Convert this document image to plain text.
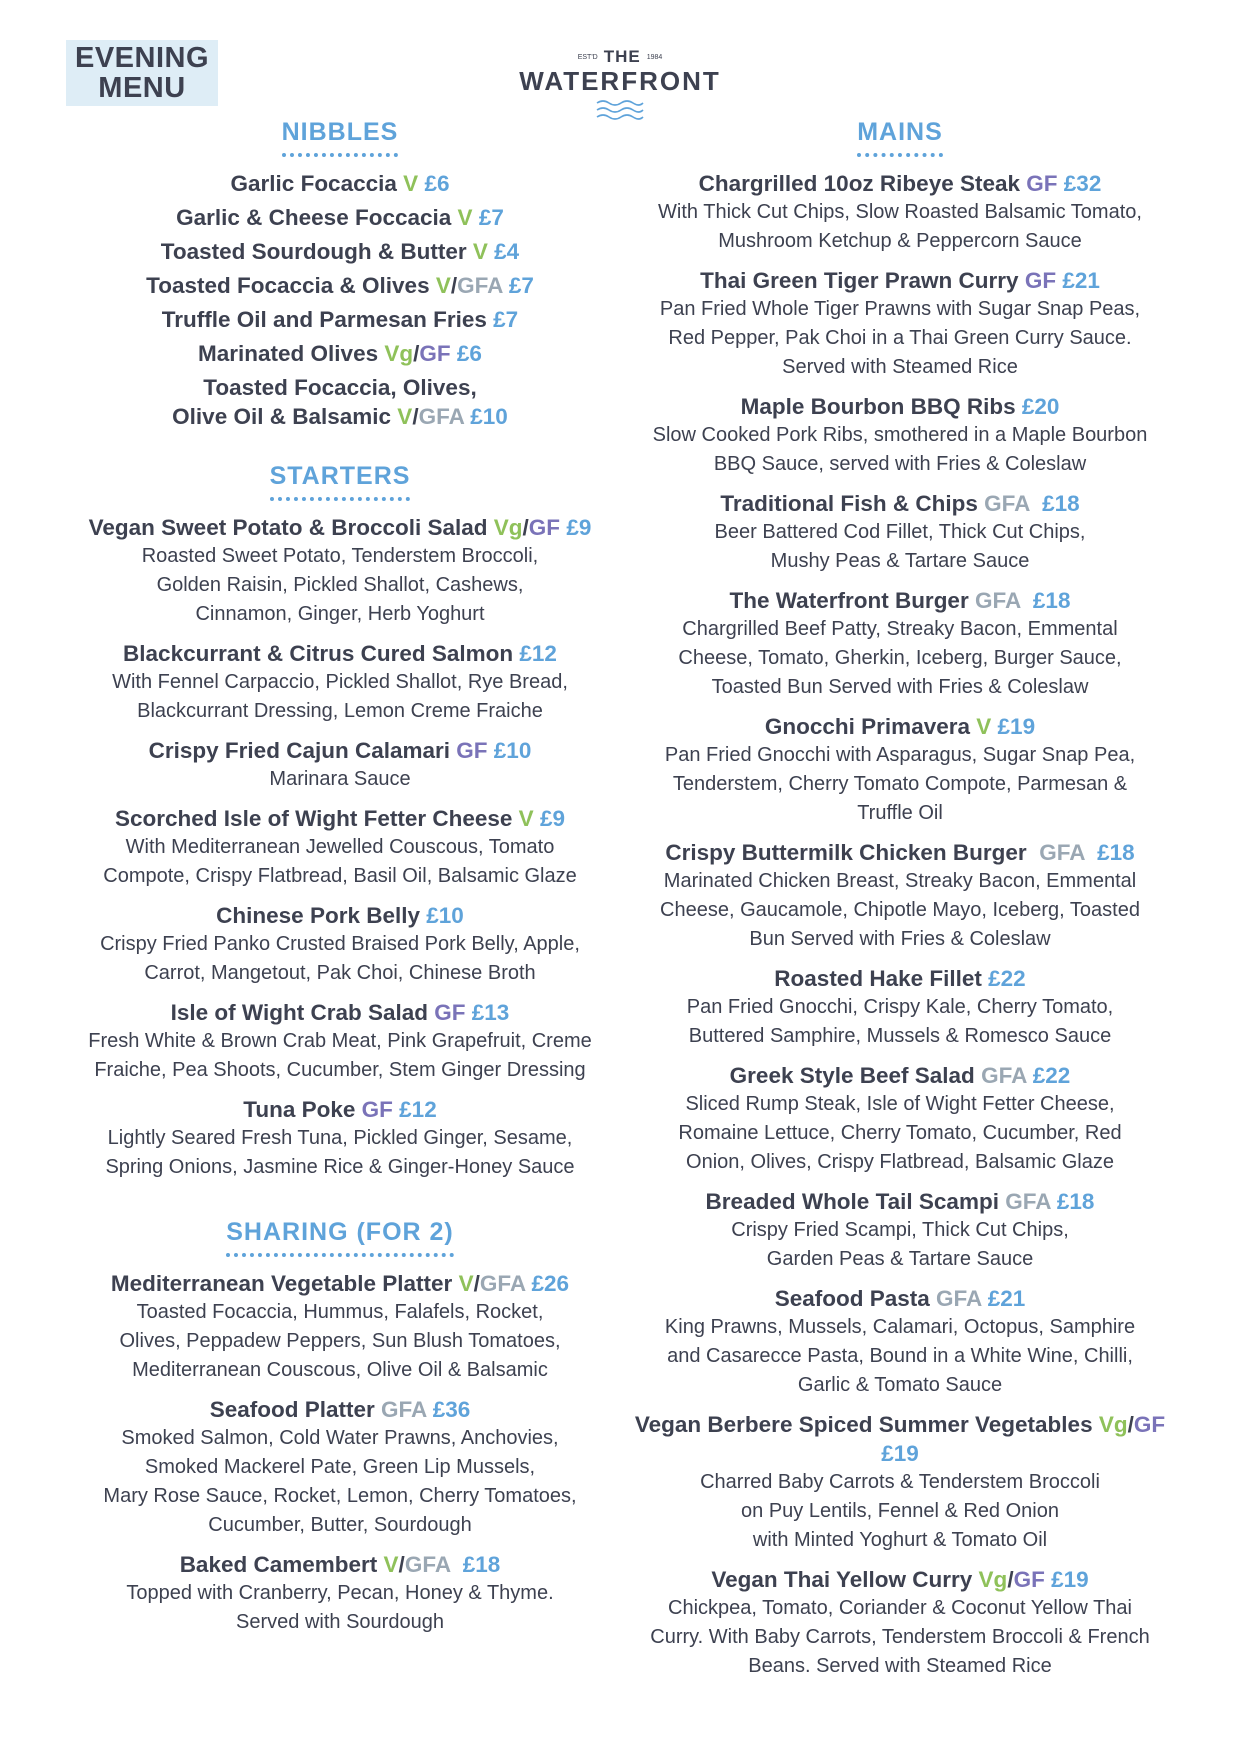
EVENING
MENU
EST'D THE 1984
WATERFRONT
NIBBLES
Garlic Focaccia V £6
Garlic & Cheese Foccacia V £7
Toasted Sourdough & Butter V £4
Toasted Focaccia & Olives V/GFA £7
Truffle Oil and Parmesan Fries £7
Marinated Olives Vg/GF £6
Toasted Focaccia, Olives,
Olive Oil & Balsamic V/GFA £10
STARTERS
Vegan Sweet Potato & Broccoli Salad Vg/GF £9
Roasted Sweet Potato, Tenderstem Broccoli,
Golden Raisin, Pickled Shallot, Cashews,
Cinnamon, Ginger, Herb Yoghurt
Blackcurrant & Citrus Cured Salmon £12
With Fennel Carpaccio, Pickled Shallot, Rye Bread,
Blackcurrant Dressing, Lemon Creme Fraiche
Crispy Fried Cajun Calamari GF £10
Marinara Sauce
Scorched Isle of Wight Fetter Cheese V £9
With Mediterranean Jewelled Couscous, Tomato
Compote, Crispy Flatbread, Basil Oil, Balsamic Glaze
Chinese Pork Belly £10
Crispy Fried Panko Crusted Braised Pork Belly, Apple,
Carrot, Mangetout, Pak Choi, Chinese Broth
Isle of Wight Crab Salad GF £13
Fresh White & Brown Crab Meat, Pink Grapefruit, Creme
Fraiche, Pea Shoots, Cucumber, Stem Ginger Dressing
Tuna Poke GF £12
Lightly Seared Fresh Tuna, Pickled Ginger, Sesame,
Spring Onions, Jasmine Rice & Ginger-Honey Sauce
SHARING (FOR 2)
Mediterranean Vegetable Platter V/GFA £26
Toasted Focaccia, Hummus, Falafels, Rocket,
Olives, Peppadew Peppers, Sun Blush Tomatoes,
Mediterranean Couscous, Olive Oil & Balsamic
Seafood Platter GFA £36
Smoked Salmon, Cold Water Prawns, Anchovies,
Smoked Mackerel Pate, Green Lip Mussels,
Mary Rose Sauce, Rocket, Lemon, Cherry Tomatoes,
Cucumber, Butter, Sourdough
Baked Camembert V/GFA  £18
Topped with Cranberry, Pecan, Honey & Thyme.
Served with Sourdough
MAINS
Chargrilled 10oz Ribeye Steak GF £32
With Thick Cut Chips, Slow Roasted Balsamic Tomato,
Mushroom Ketchup & Peppercorn Sauce
Thai Green Tiger Prawn Curry GF £21
Pan Fried Whole Tiger Prawns with Sugar Snap Peas,
Red Pepper, Pak Choi in a Thai Green Curry Sauce.
Served with Steamed Rice
Maple Bourbon BBQ Ribs £20
Slow Cooked Pork Ribs, smothered in a Maple Bourbon
BBQ Sauce, served with Fries & Coleslaw
Traditional Fish & Chips GFA  £18
Beer Battered Cod Fillet, Thick Cut Chips,
Mushy Peas & Tartare Sauce
The Waterfront Burger GFA  £18
Chargrilled Beef Patty, Streaky Bacon, Emmental
Cheese, Tomato, Gherkin, Iceberg, Burger Sauce,
Toasted Bun Served with Fries & Coleslaw
Gnocchi Primavera V £19
Pan Fried Gnocchi with Asparagus, Sugar Snap Pea,
Tenderstem, Cherry Tomato Compote, Parmesan &
Truffle Oil
Crispy Buttermilk Chicken Burger  GFA  £18
Marinated Chicken Breast, Streaky Bacon, Emmental
Cheese, Gaucamole, Chipotle Mayo, Iceberg, Toasted
Bun Served with Fries & Coleslaw
Roasted Hake Fillet £22
Pan Fried Gnocchi, Crispy Kale, Cherry Tomato,
Buttered Samphire, Mussels & Romesco Sauce
Greek Style Beef Salad GFA £22
Sliced Rump Steak, Isle of Wight Fetter Cheese,
Romaine Lettuce, Cherry Tomato, Cucumber, Red
Onion, Olives, Crispy Flatbread, Balsamic Glaze
Breaded Whole Tail Scampi GFA £18
Crispy Fried Scampi, Thick Cut Chips,
Garden Peas & Tartare Sauce
Seafood Pasta GFA £21
King Prawns, Mussels, Calamari, Octopus, Samphire
and Casarecce Pasta, Bound in a White Wine, Chilli,
Garlic & Tomato Sauce
Vegan Berbere Spiced Summer Vegetables Vg/GF £19
Charred Baby Carrots & Tenderstem Broccoli
on Puy Lentils, Fennel & Red Onion
with Minted Yoghurt & Tomato Oil
Vegan Thai Yellow Curry Vg/GF £19
Chickpea, Tomato, Coriander & Coconut Yellow Thai
Curry. With Baby Carrots, Tenderstem Broccoli & French
Beans. Served with Steamed Rice
